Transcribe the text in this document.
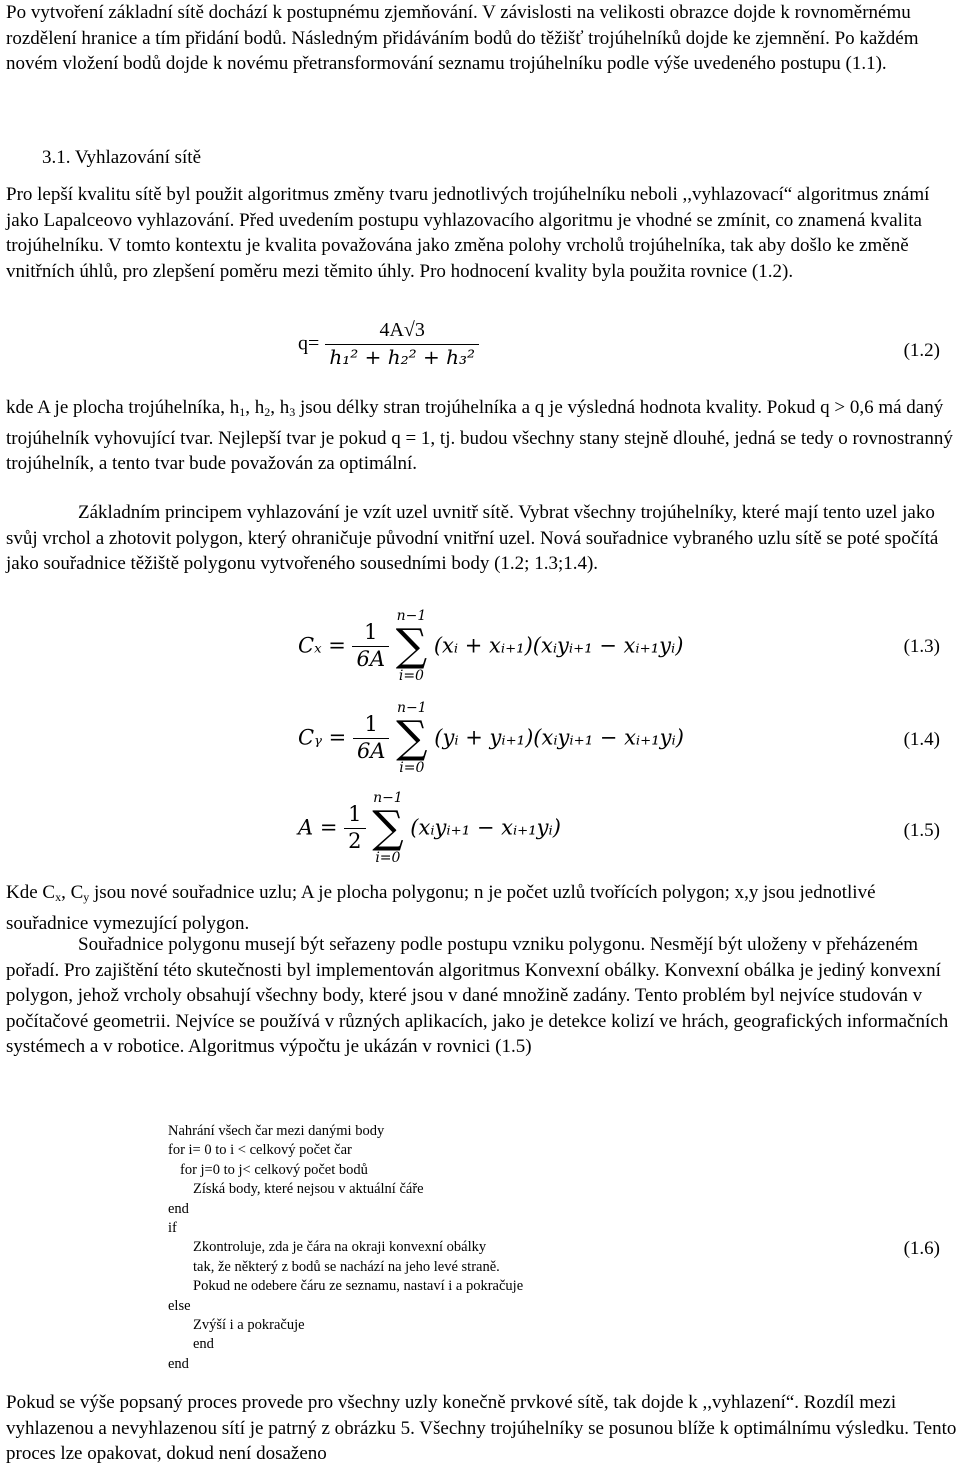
Po vytvoření základní sítě dochází k postupnému zjemňování. V závislosti na velikosti obrazce dojde k rovnoměrnému rozdělení hranice a tím přidání bodů. Následným přidáváním bodů do těžišť trojúhelníků dojde ke zjemnění. Po každém novém vložení bodů dojde k novému přetransformování seznamu trojúhelníku podle výše uvedeného postupu (1.1).

3.1. Vyhlazování sítě

Pro lepší kvalitu sítě byl použit algoritmus změny tvaru jednotlivých trojúhelníku neboli ,,vyhlazovací“ algoritmus známí jako Lapalceovo vyhlazování. Před uvedením postupu vyhlazovacího algoritmu je vhodné se zmínit, co znamená kvalita trojúhelníku. V tomto kontextu je kvalita považována jako změna polohy vrcholů trojúhelníka, tak aby došlo ke změně vnitřních úhlů, pro zlepšení poměru mezi těmito úhly. Pro hodnocení kvality byla použita rovnice (1.2).

$q= \frac{4A√3}{\text{h₁² + h₂² + h₃²}}$	(1.2)

kde A je plocha trojúhelníka, $h_1$, $h_2$, $h_3$ jsou délky stran trojúhelníka a q je výsledná hodnota kvality. Pokud q > 0,6 má daný trojúhelník vyhovující tvar. Nejlepší tvar je pokud q = 1, tj. budou všechny stany stejně dlouhé, jedná se tedy o rovnostranný trojúhelník, a tento tvar bude považován za optimální.

Základním principem vyhlazování je vzít uzel uvnitř sítě. Vybrat všechny trojúhelníky, které mají tento uzel jako svůj vrchol a zhotovit polygon, který ohraničuje původní vnitřní uzel. Nová souřadnice vybraného uzlu sítě se poté spočítá jako souřadnice těžiště polygonu vytvořeného sousedními body (1.2; 1.3;1.4).

$C_x = \frac{1}{6A}$

n−1
∑
i=0
(xᵢ + xᵢ₊₁)(xᵢyᵢ₊₁ − xᵢ₊₁yᵢ)	(1.3)
Cᵧ = $\frac{1}{6A}$

n−1
∑
i=0
(yᵢ + yᵢ₊₁)(xᵢyᵢ₊₁ − xᵢ₊₁yᵢ)	(1.4)
$A = \frac{1}{2}$

n−1
∑
i=0
(xᵢyᵢ₊₁ − xᵢ₊₁yᵢ)	(1.5)

Kde $C_x$, $C_y$ jsou nové souřadnice uzlu; A je plocha polygonu; n je počet uzlů tvořících polygon; x,y jsou jednotlivé souřadnice vymezující polygon.

Souřadnice polygonu musejí být seřazeny podle postupu vzniku polygonu. Nesmějí být uloženy v přeházeném pořadí. Pro zajištění této skutečnosti byl implementován algoritmus Konvexní obálky. Konvexní obálka je jediný konvexní polygon, jehož vrcholy obsahují všechny body, které jsou v dané množině zadány. Tento problém byl nejvíce studován v počítačové geometrii. Nejvíce se používá v různých aplikacích, jako je detekce kolizí ve hrách, geografických informačních systémech a v robotice. Algoritmus výpočtu je ukázán v rovnici (1.5)

Nahrání všech čar mezi danými body
for i= 0 to i < celkový počet čar
for j=0 to j< celkový počet bodů
Získá body, které nejsou v aktuální čáře
end
if
Zkontroluje, zda je čára na okraji konvexní obálky
tak, že některý z bodů se nachází na jeho levé straně.
Pokud ne odebere čáru ze seznamu, nastaví i a pokračuje
else
Zvýší i a pokračuje
end
end
(1.6)

Pokud se výše popsaný proces provede pro všechny uzly konečně prvkové sítě, tak dojde k ,,vyhlazení“. Rozdíl mezi vyhlazenou a nevyhlazenou sítí je patrný z obrázku 5. Všechny trojúhelníky se posunou blíže k optimálnímu výsledku. Tento proces lze opakovat, dokud není dosaženo
